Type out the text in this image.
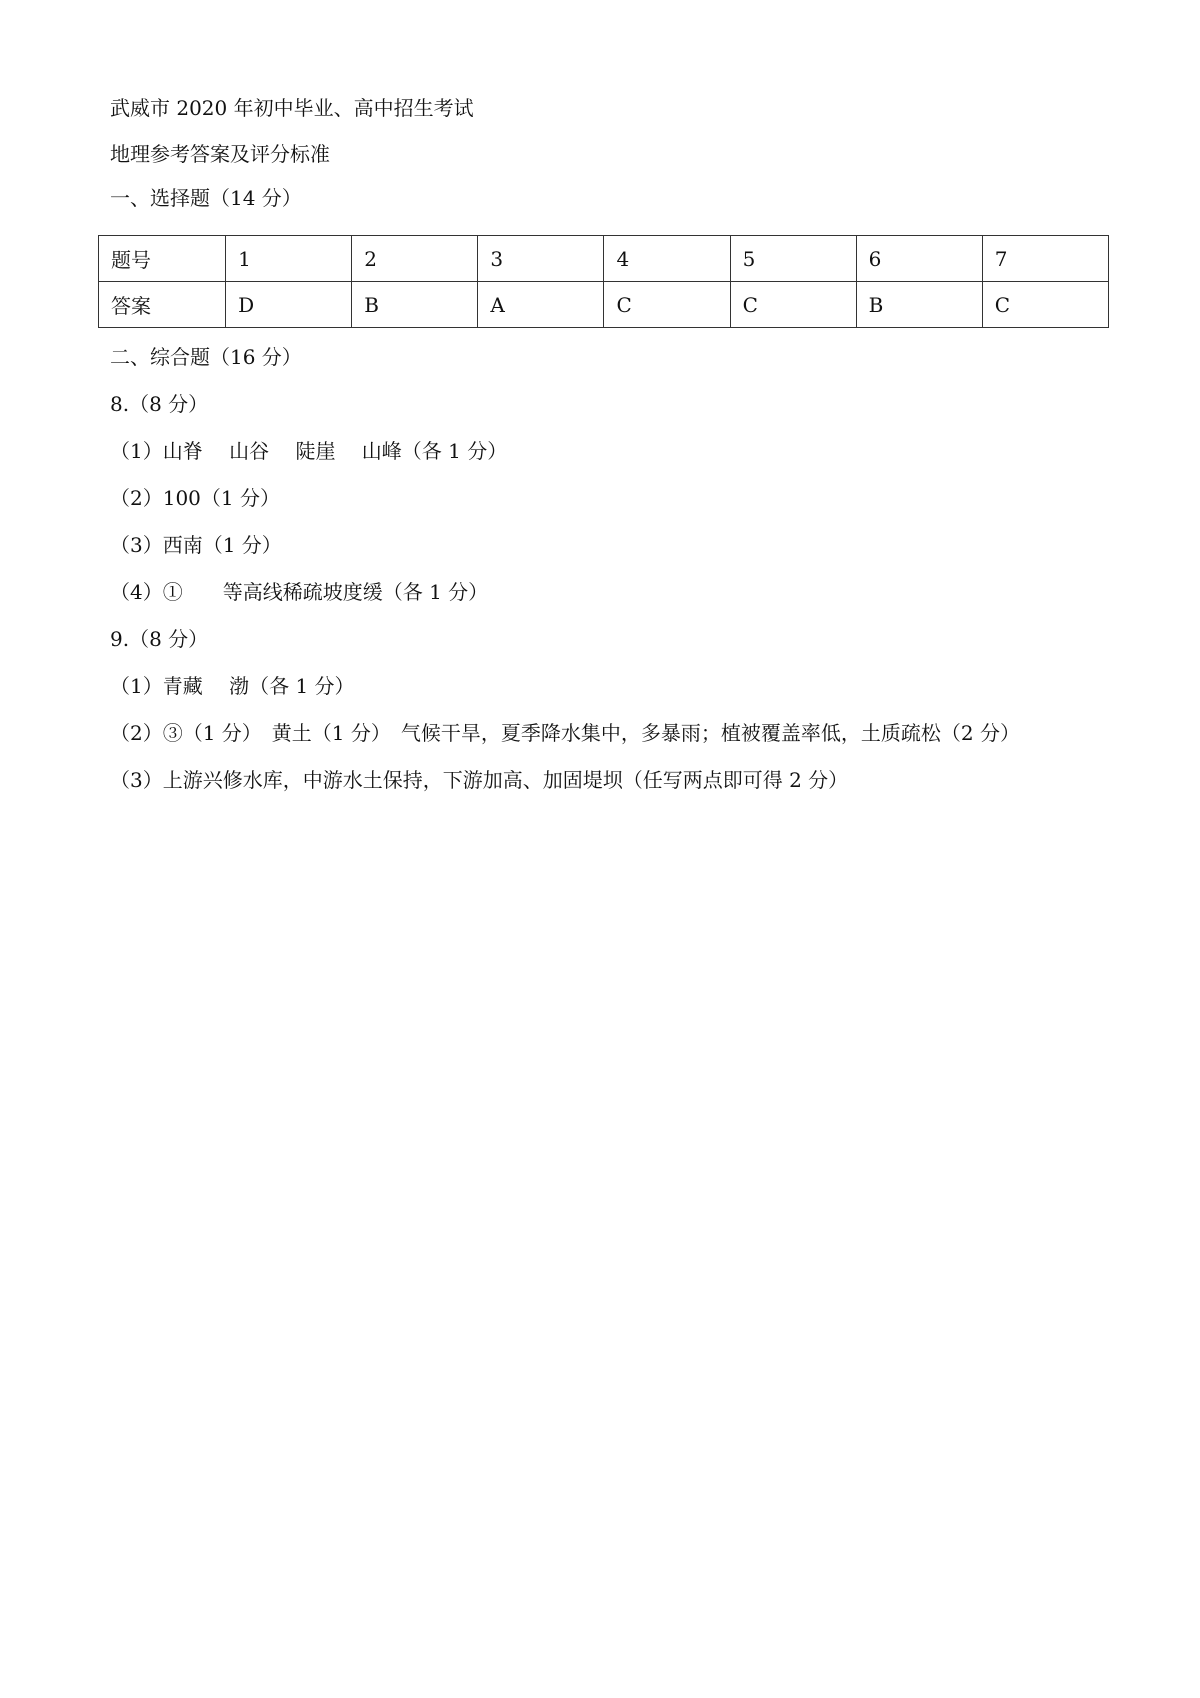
武威市 2020 年初中毕业、高中招生考试
地理参考答案及评分标准
一、选择题（14 分）
题号	1	2	3	4	5	6	7
答案	D	B	A	C	C	B	C
二、综合题（16 分）
8.（8 分）
（1）山脊　 山谷　 陡崖　 山峰（各 1 分）
（2）100（1 分）
（3）西南（1 分）
（4）①　　等高线稀疏坡度缓（各 1 分）
9.（8 分）
（1）青藏　 渤（各 1 分）
（2）③（1 分）　黄土（1 分）　气候干旱，夏季降水集中，多暴雨；植被覆盖率低，土质疏松（2 分）
（3）上游兴修水库，中游水土保持，下游加高、加固堤坝（任写两点即可得 2 分）
